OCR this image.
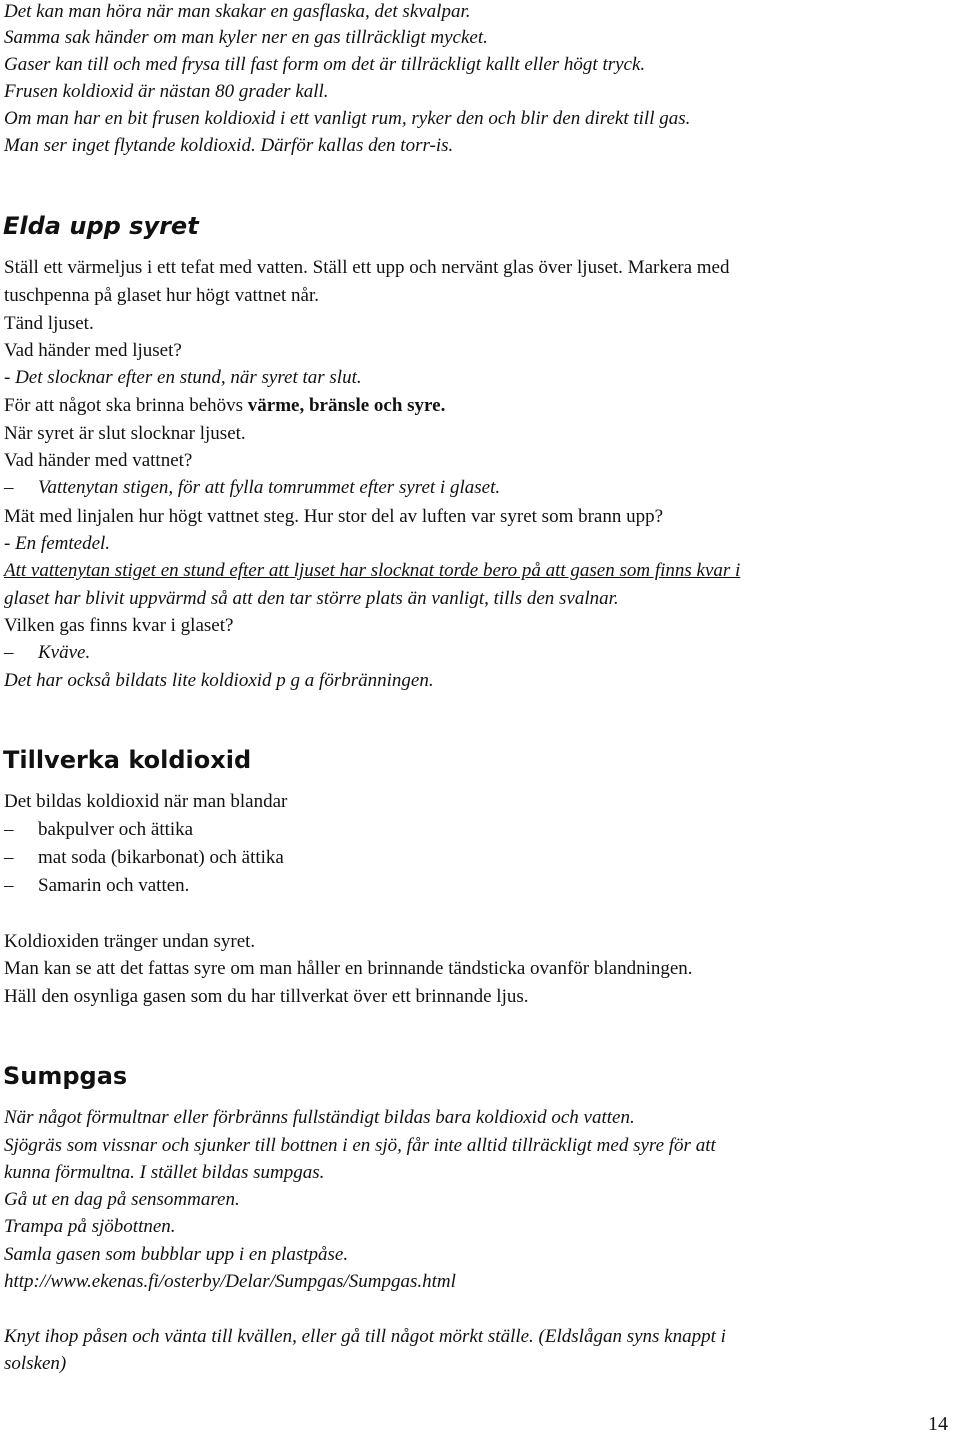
Det kan man höra när man skakar en gasflaska, det skvalpar.
Samma sak händer om man kyler ner en gas tillräckligt mycket.
Gaser kan till och med frysa till fast form om det är tillräckligt kallt eller högt tryck.
Frusen koldioxid är nästan 80 grader kall.
Om man har en bit frusen koldioxid i ett vanligt rum, ryker den och blir den direkt till gas.
Man ser inget flytande koldioxid. Därför kallas den torr-is.
Elda upp syret
Ställ ett värmeljus i ett tefat med vatten. Ställ ett upp och nervänt glas över ljuset. Markera med
tuschpenna på glaset hur högt vattnet når.
Tänd ljuset.
Vad händer med ljuset?
- Det slocknar efter en stund, när syret tar slut.
För att något ska brinna behövs värme, bränsle och syre.
När syret är slut slocknar ljuset.
Vad händer med vattnet?
– Vattenytan stigen, för att fylla tomrummet efter syret i glaset.
Mät med linjalen hur högt vattnet steg. Hur stor del av luften var syret som brann upp?
- En femtedel.
Att vattenytan stiget en stund efter att ljuset har slocknat torde bero på att gasen som finns kvar i
glaset har blivit uppvärmd så att den tar större plats än vanligt, tills den svalnar.
Vilken gas finns kvar i glaset?
– Kväve.
Det har också bildats lite koldioxid p g a förbränningen.
Tillverka koldioxid
Det bildas koldioxid när man blandar
– bakpulver och ättika
– mat soda (bikarbonat) och ättika
– Samarin och vatten.
Koldioxiden tränger undan syret.
Man kan se att det fattas syre om man håller en brinnande tändsticka ovanför blandningen.
Häll den osynliga gasen som du har tillverkat över ett brinnande ljus.
Sumpgas
När något förmultnar eller förbränns fullständigt bildas bara koldioxid och vatten.
Sjögräs som vissnar och sjunker till bottnen i en sjö, får inte alltid tillräckligt med syre för att
kunna förmultna. I stället bildas sumpgas.
Gå ut en dag på sensommaren.
Trampa på sjöbottnen.
Samla gasen som bubblar upp i en plastpåse.
http://www.ekenas.fi/osterby/Delar/Sumpgas/Sumpgas.html
Knyt ihop påsen och vänta till kvällen, eller gå till något mörkt ställe. (Eldslågan syns knappt i
solsken)
14
